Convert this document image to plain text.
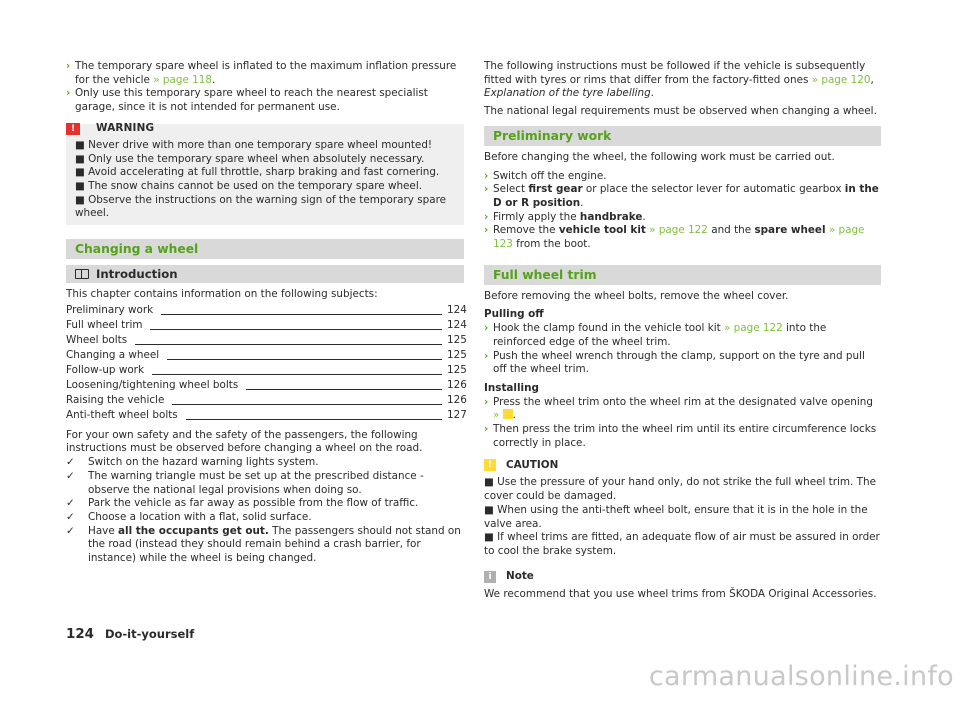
› The temporary spare wheel is inflated to the maximum inflation pressure for the vehicle » page 118.
› Only use this temporary spare wheel to reach the nearest specialist garage, since it is not intended for permanent use.
!	WARNING
■ Never drive with more than one temporary spare wheel mounted!
■ Only use the temporary spare wheel when absolutely necessary.
■ Avoid accelerating at full throttle, sharp braking and fast cornering.
■ The snow chains cannot be used on the temporary spare wheel.
■ Observe the instructions on the warning sign of the temporary spare wheel.
Changing a wheel
Introduction
This chapter contains information on the following subjects:
Preliminary work	124
Full wheel trim	124
Wheel bolts	125
Changing a wheel	125
Follow-up work	125
Loosening/tightening wheel bolts	126
Raising the vehicle	126
Anti-theft wheel bolts	127
For your own safety and the safety of the passengers, the following instructions must be observed before changing a wheel on the road.
✓	Switch on the hazard warning lights system.
✓	The warning triangle must be set up at the prescribed distance - observe the national legal provisions when doing so.
✓	Park the vehicle as far away as possible from the flow of traffic.
✓	Choose a location with a flat, solid surface.
✓	Have all the occupants get out. The passengers should not stand on the road (instead they should remain behind a crash barrier, for instance) while the wheel is being changed.
The following instructions must be followed if the vehicle is subsequently fitted with tyres or rims that differ from the factory-fitted ones » page 120, Explanation of the tyre labelling.
The national legal requirements must be observed when changing a wheel.
Preliminary work
Before changing the wheel, the following work must be carried out.
› Switch off the engine.
› Select first gear or place the selector lever for automatic gearbox in the D or R position.
› Firmly apply the handbrake.
› Remove the vehicle tool kit » page 122 and the spare wheel » page 123 from the boot.
Full wheel trim
Before removing the wheel bolts, remove the wheel cover.
Pulling off
› Hook the clamp found in the vehicle tool kit » page 122 into the reinforced edge of the wheel trim.
› Push the wheel wrench through the clamp, support on the tyre and pull off the wheel trim.
Installing
› Press the wheel trim onto the wheel rim at the designated valve opening » .
› Then press the trim into the wheel rim until its entire circumference locks correctly in place.
!	CAUTION
■ Use the pressure of your hand only, do not strike the full wheel trim. The cover could be damaged.
■ When using the anti-theft wheel bolt, ensure that it is in the hole in the valve area.
■ If wheel trims are fitted, an adequate flow of air must be assured in order to cool the brake system.
i	Note
We recommend that you use wheel trims from ŠKODA Original Accessories.
124 Do-it-yourself
carmanualsonline.info
